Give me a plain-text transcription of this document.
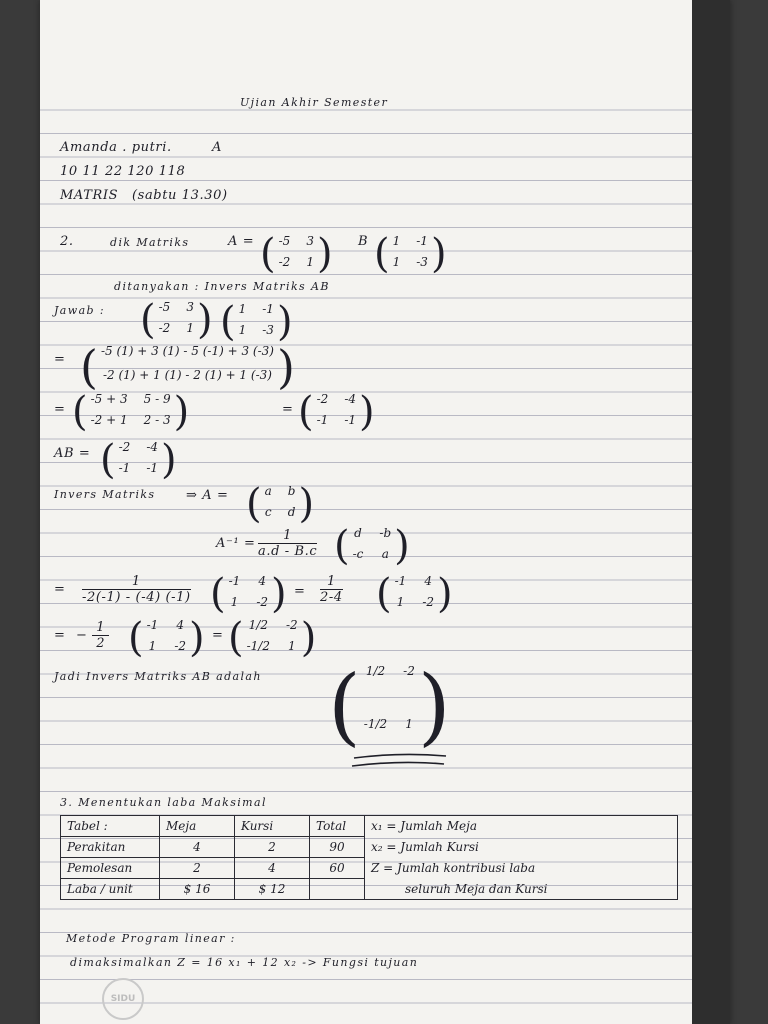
Ujian Akhir Semester
Amanda . putri.	A
10 11 22 120 118
MATRIS (sabtu 13.30)
2.	dik Matriks	A = ( -5 3
-2 1 ) B ( 1 -1
1 -3 )
ditanyakan : Invers Matriks AB
Jawab : ( -5 3
-2 1 ) ( 1 -1
1 -3 )
= ( -5 (1) + 3 (1) - 5 (-1) + 3 (-3)
-2 (1) + 1 (1) - 2 (1) + 1 (-3) )
= ( -5 + 3 5 - 9
-2 + 1 2 - 3 )	= ( -2 -4
-1 -1 )
AB = ( -2 -4
-1 -1 )
Invers Matriks ⇒ A = ( a b
c d )
$A^{-1} = \frac{1}{a.d - B.c}$ ( d -b
-c a )
= $\frac{1}{-2(-1) - (-4) (-1)}$ ( -1 4
1 -2 ) = $\frac{1}{2-4}$ ( -1 4
1 -2 )
= − $\frac{1}{2}$ ( -1 4
1 -2 ) = ( 1/2 -2
-1/2 1 )
Jadi Invers Matriks AB adalah ( 1/2 -2
-1/2 1 )
3. Menentukan laba Maksimal
Tabel :	Meja	Kursi	Total	x₁ = Jumlah Meja
Perakitan	4	2	90	x₂ = Jumlah Kursi
Pemolesan	2	4	60	Z = Jumlah kontribusi laba
Laba / unit	$ 16	$ 12		seluruh Meja dan Kursi
Metode Program linear :
dimaksimalkan Z = 16 x₁ + 12 x₂ -> Fungsi tujuan
SIDU
